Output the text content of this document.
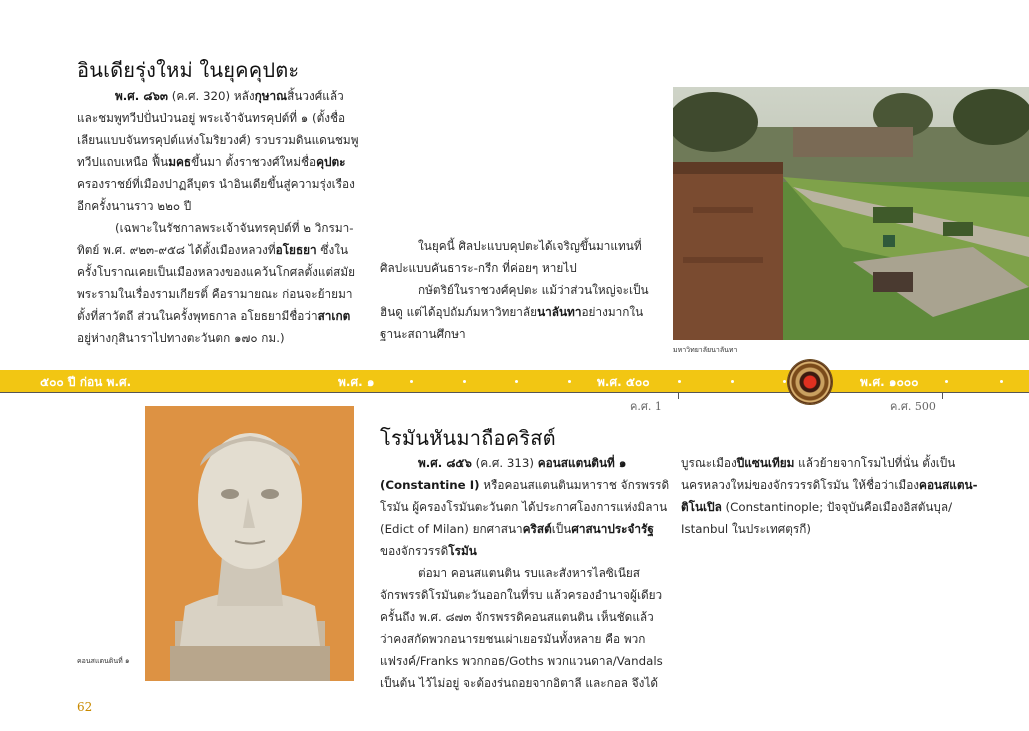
อินเดียรุ่งใหม่ ในยุคคุปตะ

พ.ศ. ๘๖๓ (ค.ศ. 320) หลังกุษาณสิ้นวงศ์แล้ว

และชมพูทวีปปั่นป่วนอยู่ พระเจ้าจันทรคุปต์ที่ ๑ (ตั้งชื่อ

เลียนแบบจันทรคุปต์แห่งโมริยวงศ์) รวบรวมดินแดนชมพู

ทวีปแถบเหนือ ฟื้นมคธขึ้นมา ตั้งราชวงศ์ใหม่ชื่อคุปตะ

ครองราชย์ที่เมืองปาฏลีบุตร นำอินเดียขึ้นสู่ความรุ่งเรือง

อีกครั้งนานราว ๒๒๐ ปี

(เฉพาะในรัชกาลพระเจ้าจันทรคุปต์ที่ ๒ วิกรมา-

ทิตย์ พ.ศ. ๙๒๓-๙๕๘ ได้ตั้งเมืองหลวงที่อโยธยา ซึ่งใน

ครั้งโบราณเคยเป็นเมืองหลวงของแคว้นโกศลตั้งแต่สมัย

พระรามในเรื่องรามเกียรติ์ คือรามายณะ ก่อนจะย้ายมา

ตั้งที่สาวัตถี ส่วนในครั้งพุทธกาล อโยธยามีชื่อว่าสาเกต

อยู่ห่างกุสินาราไปทางตะวันตก ๑๗๐ กม.)

ในยุคนี้ ศิลปะแบบคุปตะได้เจริญขึ้นมาแทนที่

ศิลปะแบบคันธาระ-กรีก ที่ค่อยๆ หายไป

กษัตริย์ในราชวงศ์คุปตะ แม้ว่าส่วนใหญ่จะเป็น

ฮินดู แต่ได้อุปถัมภ์มหาวิทยาลัยนาลันทาอย่างมากใน

ฐานะสถานศึกษา

มหาวิทยาลัยนาลันทา
๕๐๐ ปี ก่อน พ.ศ.	พ.ศ. ๑	พ.ศ. ๕๐๐	พ.ศ. ๑๐๐๐
ค.ศ. 1	ค.ศ. 500
คอนสแตนตินที่ ๑
โรมันหันมาถือคริสต์

พ.ศ. ๘๕๖ (ค.ศ. 313) คอนสแตนตินที่ ๑

(Constantine I) หรือคอนสแตนตินมหาราช จักรพรรดิ

โรมัน ผู้ครองโรมันตะวันตก ได้ประกาศโองการแห่งมิลาน

(Edict of Milan) ยกศาสนาคริสต์เป็นศาสนาประจำรัฐ

ของจักรวรรดิโรมัน

ต่อมา คอนสแตนติน รบและสังหารไลซิเนียส

จักรพรรดิโรมันตะวันออกในที่รบ แล้วครองอำนาจผู้เดียว

ครั้นถึง พ.ศ. ๘๗๓ จักรพรรดิคอนสแตนติน เห็นชัดแล้ว

ว่าคงสกัดพวกอนารยชนเผ่าเยอรมันทั้งหลาย คือ พวก

แฟรงค์/Franks พวกกอธ/Goths พวกแวนดาล/Vandals

เป็นต้น ไว้ไม่อยู่ จะต้องร่นถอยจากอิตาลี และกอล จึงได้

บูรณะเมืองปีแซนเทียม แล้วย้ายจากโรมไปที่นั่น ตั้งเป็น

นครหลวงใหม่ของจักรวรรดิโรมัน ให้ชื่อว่าเมืองคอนสแตน-

ติโนเปิล (Constantinople; ปัจจุบันคือเมืองอิสตันบุล/

Istanbul ในประเทศตุรกี)

62
